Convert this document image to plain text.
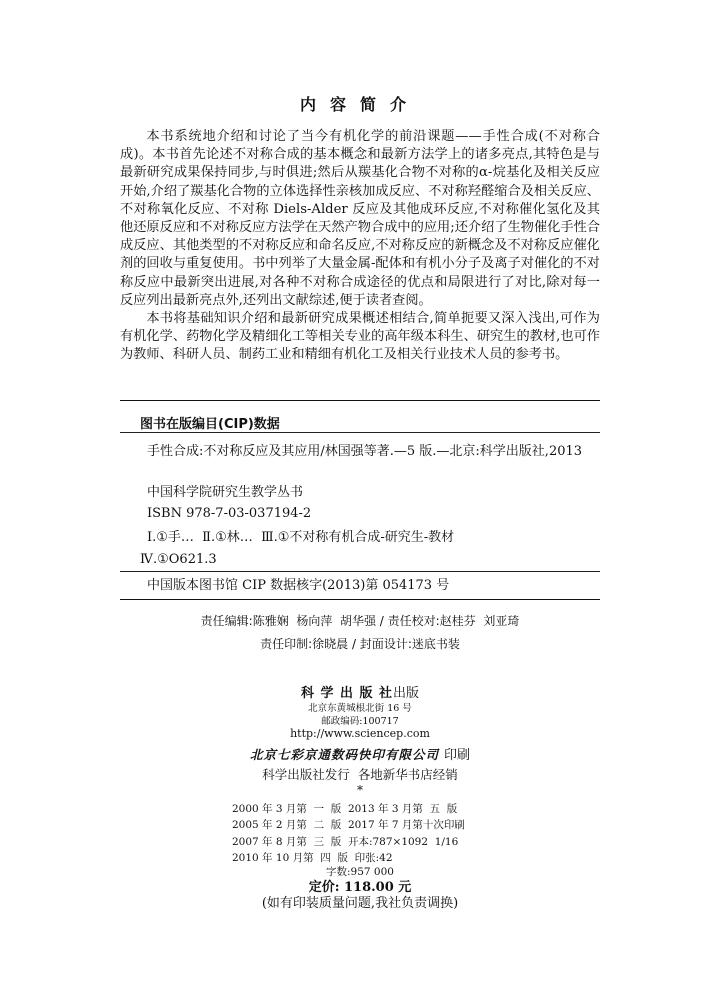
内容简介

本书系统地介绍和讨论了当今有机化学的前沿课题——手性合成(不对称合成)。本书首先论述不对称合成的基本概念和最新方法学上的诸多亮点,其特色是与最新研究成果保持同步,与时俱进;然后从羰基化合物不对称的α-烷基化及相关反应开始,介绍了羰基化合物的立体选择性亲核加成反应、不对称羟醛缩合及相关反应、不对称氧化反应、不对称 Diels-Alder 反应及其他成环反应,不对称催化氢化及其他还原反应和不对称反应方法学在天然产物合成中的应用;还介绍了生物催化手性合成反应、其他类型的不对称反应和命名反应,不对称反应的新概念及不对称反应催化剂的回收与重复使用。书中列举了大量金属-配体和有机小分子及离子对催化的不对称反应中最新突出进展,对各种不对称合成途径的优点和局限进行了对比,除对每一反应列出最新亮点外,还列出文献综述,便于读者查阅。

本书将基础知识介绍和最新研究成果概述相结合,简单扼要又深入浅出,可作为有机化学、药物化学及精细化工等相关专业的高年级本科生、研究生的教材,也可作为教师、科研人员、制药工业和精细有机化工及相关行业技术人员的参考书。

图书在版编目(CIP)数据
手性合成:不对称反应及其应用/林国强等著.—5 版.—北京:科学出版社,2013
中国科学院研究生教学丛书
ISBN 978-7-03-037194-2
Ⅰ.①手…  Ⅱ.①林…  Ⅲ.①不对称有机合成-研究生-教材
Ⅳ.①O621.3
中国版本图书馆 CIP 数据核字(2013)第 054173 号
责任编辑:陈雅娴  杨向萍  胡华强 / 责任校对:赵桂芬  刘亚琦
责任印制:徐晓晨 / 封面设计:迷底书装
科 学 出 版 社出版
北京东黄城根北街 16 号
邮政编码:100717
http://www.sciencep.com
北京七彩京通数码快印有限公司 印刷
科学出版社发行  各地新华书店经销
*
2000 年 3 月第  一  版  2013 年 3 月第  五  版
2005 年 2 月第  二  版  2017 年 7 月第十次印刷
2007 年 8 月第  三  版  开本:787×1092  1/16
2010 年 10 月第  四  版  印张:42
字数:957 000
定价: 118.00 元
(如有印装质量问题,我社负责调换)
